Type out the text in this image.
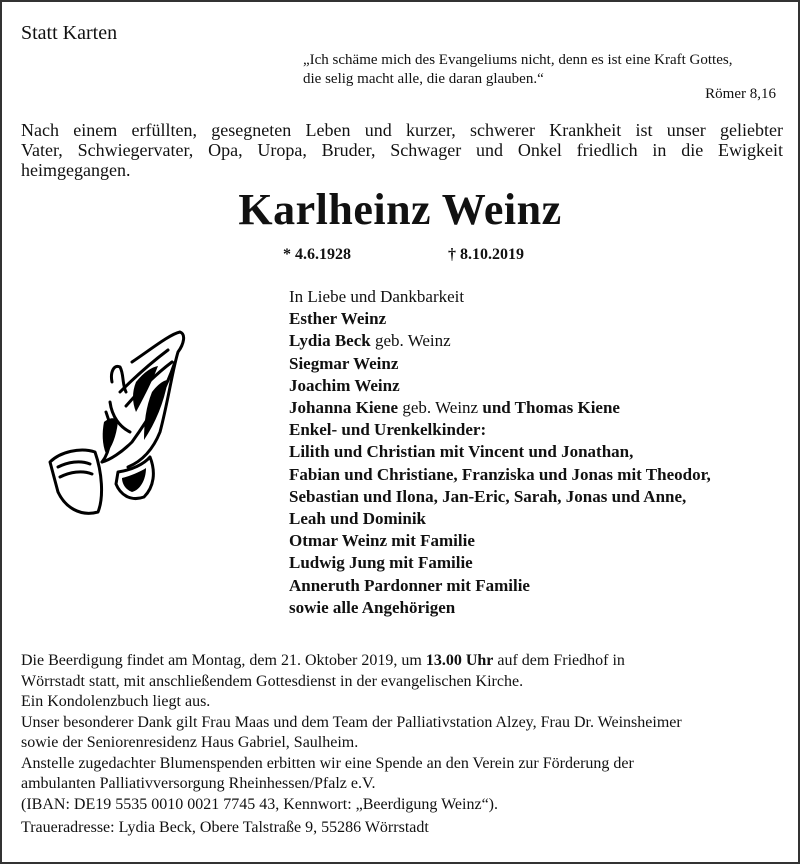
Statt Karten
„Ich schäme mich des Evangeliums nicht, denn es ist eine Kraft Gottes,
die selig macht alle, die daran glauben.“
Römer 8,16
Nach einem erfüllten, gesegneten Leben und kurzer, schwerer Krankheit ist unser geliebter
Vater, Schwiegervater, Opa, Uropa, Bruder, Schwager und Onkel friedlich in die Ewigkeit
heimgegangen.
Karlheinz Weinz
* 4.6.1928	† 8.10.2019
In Liebe und Dankbarkeit
Esther Weinz
Lydia Beck geb. Weinz
Siegmar Weinz
Joachim Weinz
Johanna Kiene geb. Weinz und Thomas Kiene
Enkel- und Urenkelkinder:
Lilith und Christian mit Vincent und Jonathan,
Fabian und Christiane, Franziska und Jonas mit Theodor,
Sebastian und Ilona, Jan-Eric, Sarah, Jonas und Anne,
Leah und Dominik
Otmar Weinz mit Familie
Ludwig Jung mit Familie
Anneruth Pardonner mit Familie
sowie alle Angehörigen
Die Beerdigung findet am Montag, dem 21. Oktober 2019, um 13.00 Uhr auf dem Friedhof in
Wörrstadt statt, mit anschließendem Gottesdienst in der evangelischen Kirche.
Ein Kondolenzbuch liegt aus.
Unser besonderer Dank gilt Frau Maas und dem Team der Palliativstation Alzey, Frau Dr. Weinsheimer
sowie der Seniorenresidenz Haus Gabriel, Saulheim.
Anstelle zugedachter Blumenspenden erbitten wir eine Spende an den Verein zur Förderung der
ambulanten Palliativversorgung Rheinhessen/Pfalz e.V.
(IBAN: DE19 5535 0010 0021 7745 43, Kennwort: „Beerdigung Weinz“).
Traueradresse: Lydia Beck, Obere Talstraße 9, 55286 Wörrstadt
